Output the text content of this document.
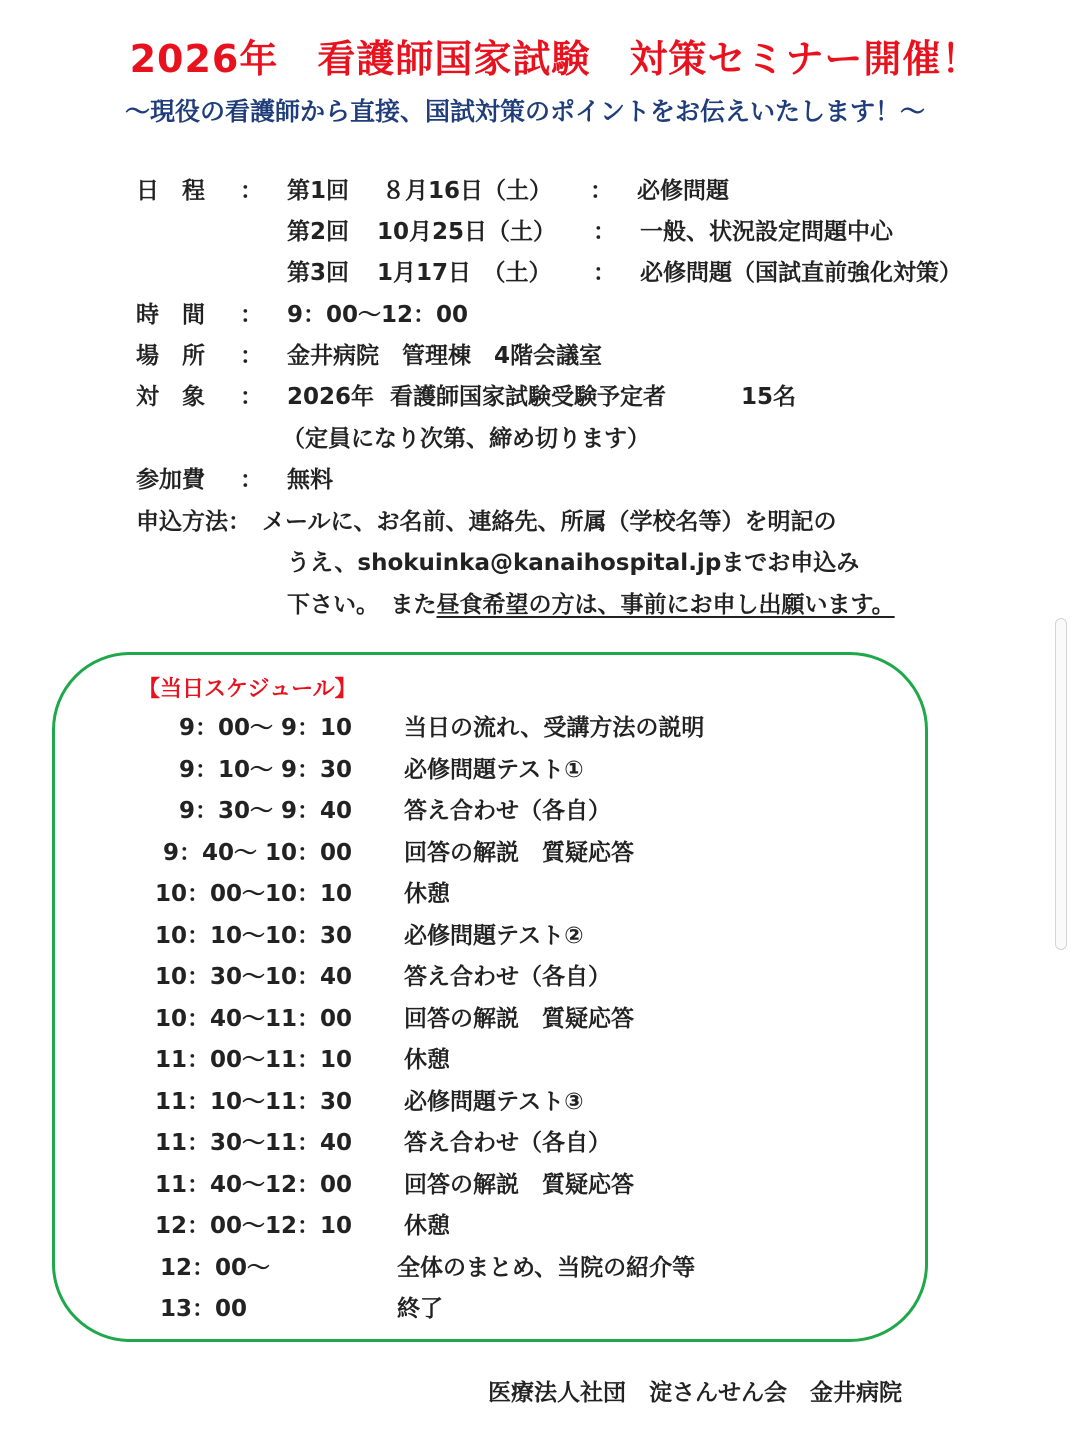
2026年　看護師国家試験　対策セミナー開催！
～現役の看護師から直接、国試対策のポイントをお伝えいたします！～
日　程 ： 第1回 ８月16日（土） ： 必修問題
第2回 10月25日（土） ： 一般、状況設定問題中心
第3回 1月17日　（土） ： 必修問題（国試直前強化対策）
時　間 ： 9：00～12：00
場　所 ： 金井病院　管理棟　4階会議室
対　象 ： 2026年  看護師国家試験受験予定者	15名
（定員になり次第、締め切ります）
参加費 ： 無料
申込方法： メールに、お名前、連絡先、所属（学校名等）を明記の
うえ、shokuinka@kanaihospital.jpまでお申込み
下さい。　また昼食希望の方は、事前にお申し出願います。
【当日スケジュール】
9：00～ 9：10 当日の流れ、受講方法の説明
9：10～ 9：30 必修問題テスト①
9：30～ 9：40 答え合わせ（各自）
9：40～ 10：00 回答の解説　質疑応答
10：00～10：10 休憩
10：10～10：30 必修問題テスト②
10：30～10：40 答え合わせ（各自）
10：40～11：00 回答の解説　質疑応答
11：00～11：10 休憩
11：10～11：30 必修問題テスト③
11：30～11：40 答え合わせ（各自）
11：40～12：00 回答の解説　質疑応答
12：00～12：10 休憩
12：00～	全体のまとめ、当院の紹介等
13：00	終了
医療法人社団　淀さんせん会　金井病院
